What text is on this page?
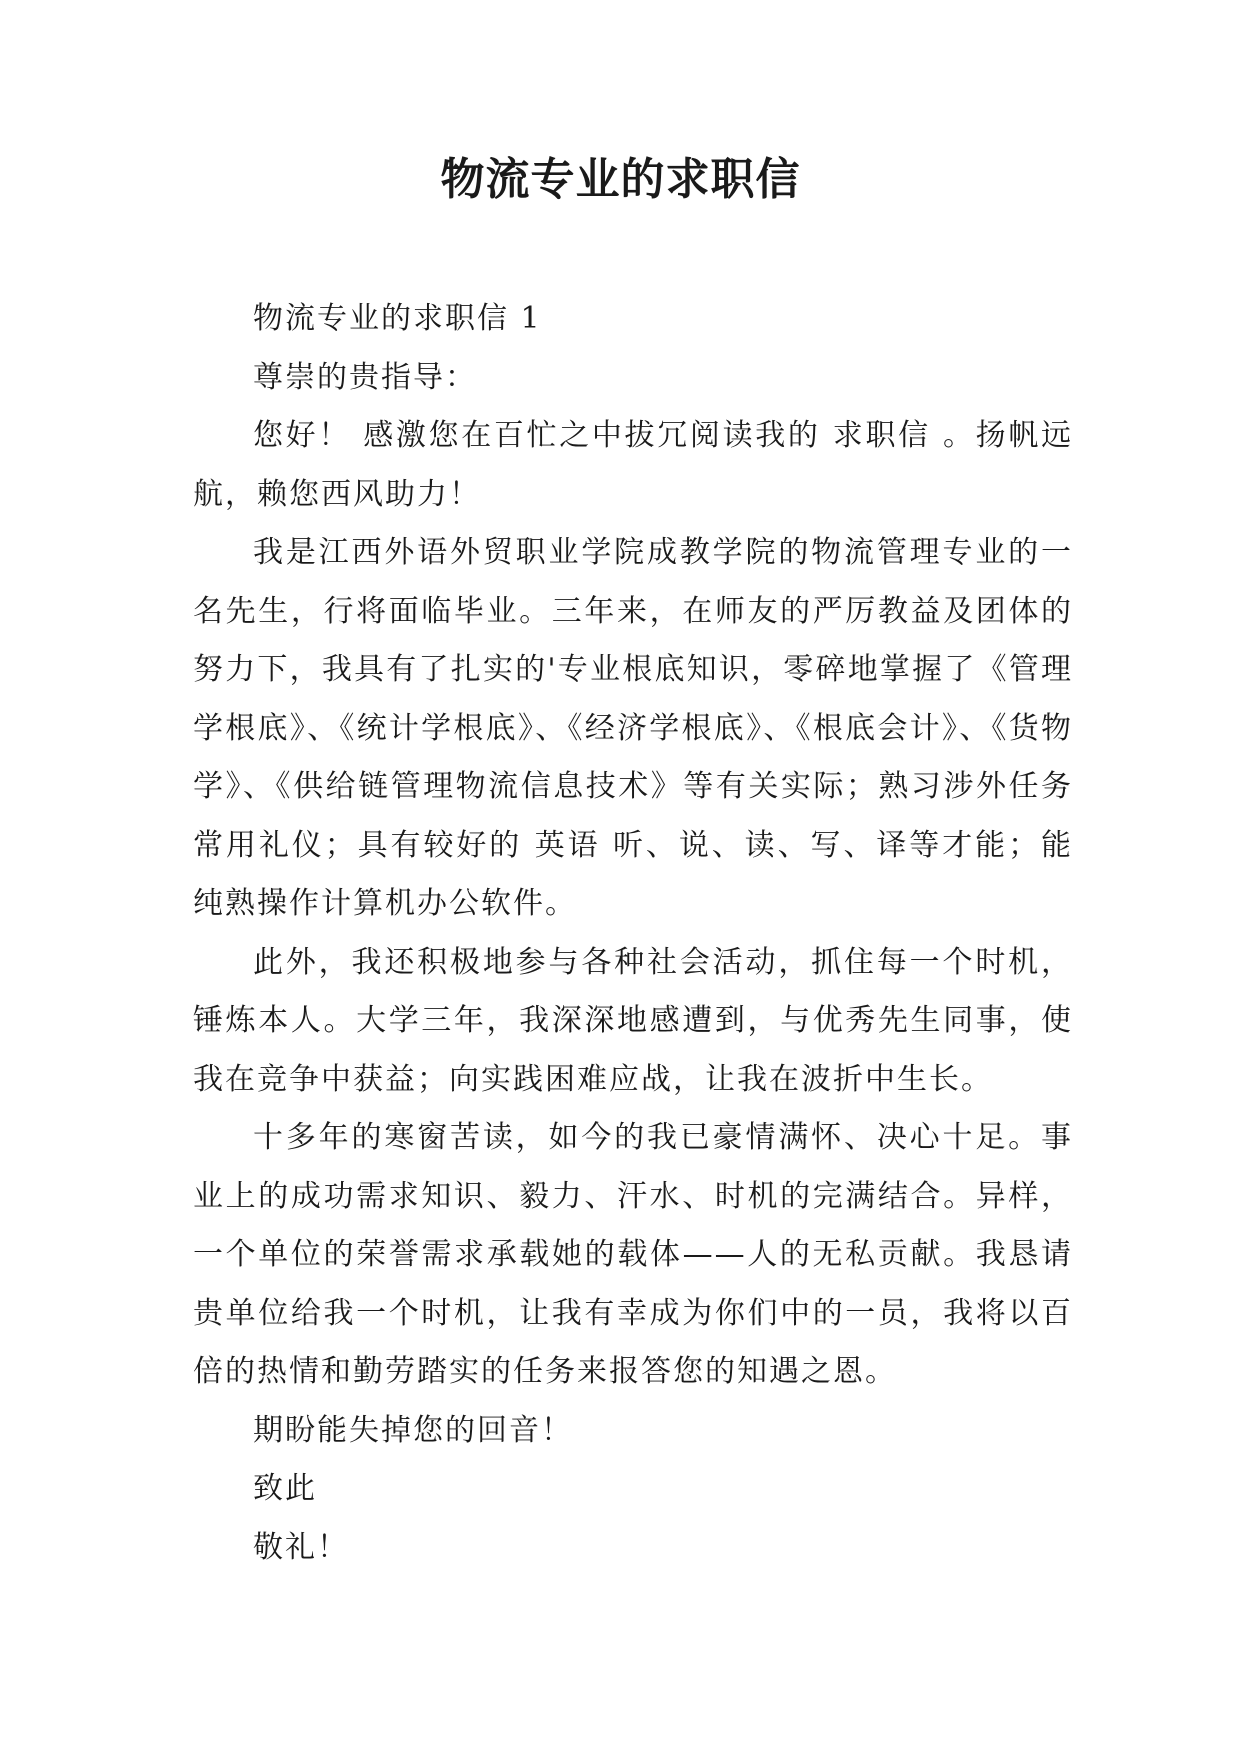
物流专业的求职信

物流专业的求职信 1

尊崇的贵指导：

您好！ 感激您在百忙之中拔冗阅读我的 求职信 。扬帆远航，赖您西风助力！

我是江西外语外贸职业学院成教学院的物流管理专业的一名先生，行将面临毕业。三年来，在师友的严厉教益及团体的努力下，我具有了扎实的'专业根底知识，零碎地掌握了《管理学根底》、《统计学根底》、《经济学根底》、《根底会计》、《货物学》、《供给链管理物流信息技术》等有关实际；熟习涉外任务常用礼仪；具有较好的 英语 听、说、读、写、译等才能；能纯熟操作计算机办公软件。

此外，我还积极地参与各种社会活动，抓住每一个时机，锤炼本人。大学三年，我深深地感遭到，与优秀先生同事，使我在竞争中获益；向实践困难应战，让我在波折中生长。

十多年的寒窗苦读，如今的我已豪情满怀、决心十足。事业上的成功需求知识、毅力、汗水、时机的完满结合。异样，一个单位的荣誉需求承载她的载体——人的无私贡献。我恳请贵单位给我一个时机，让我有幸成为你们中的一员，我将以百倍的热情和勤劳踏实的任务来报答您的知遇之恩。

期盼能失掉您的回音！

致此

敬礼！
